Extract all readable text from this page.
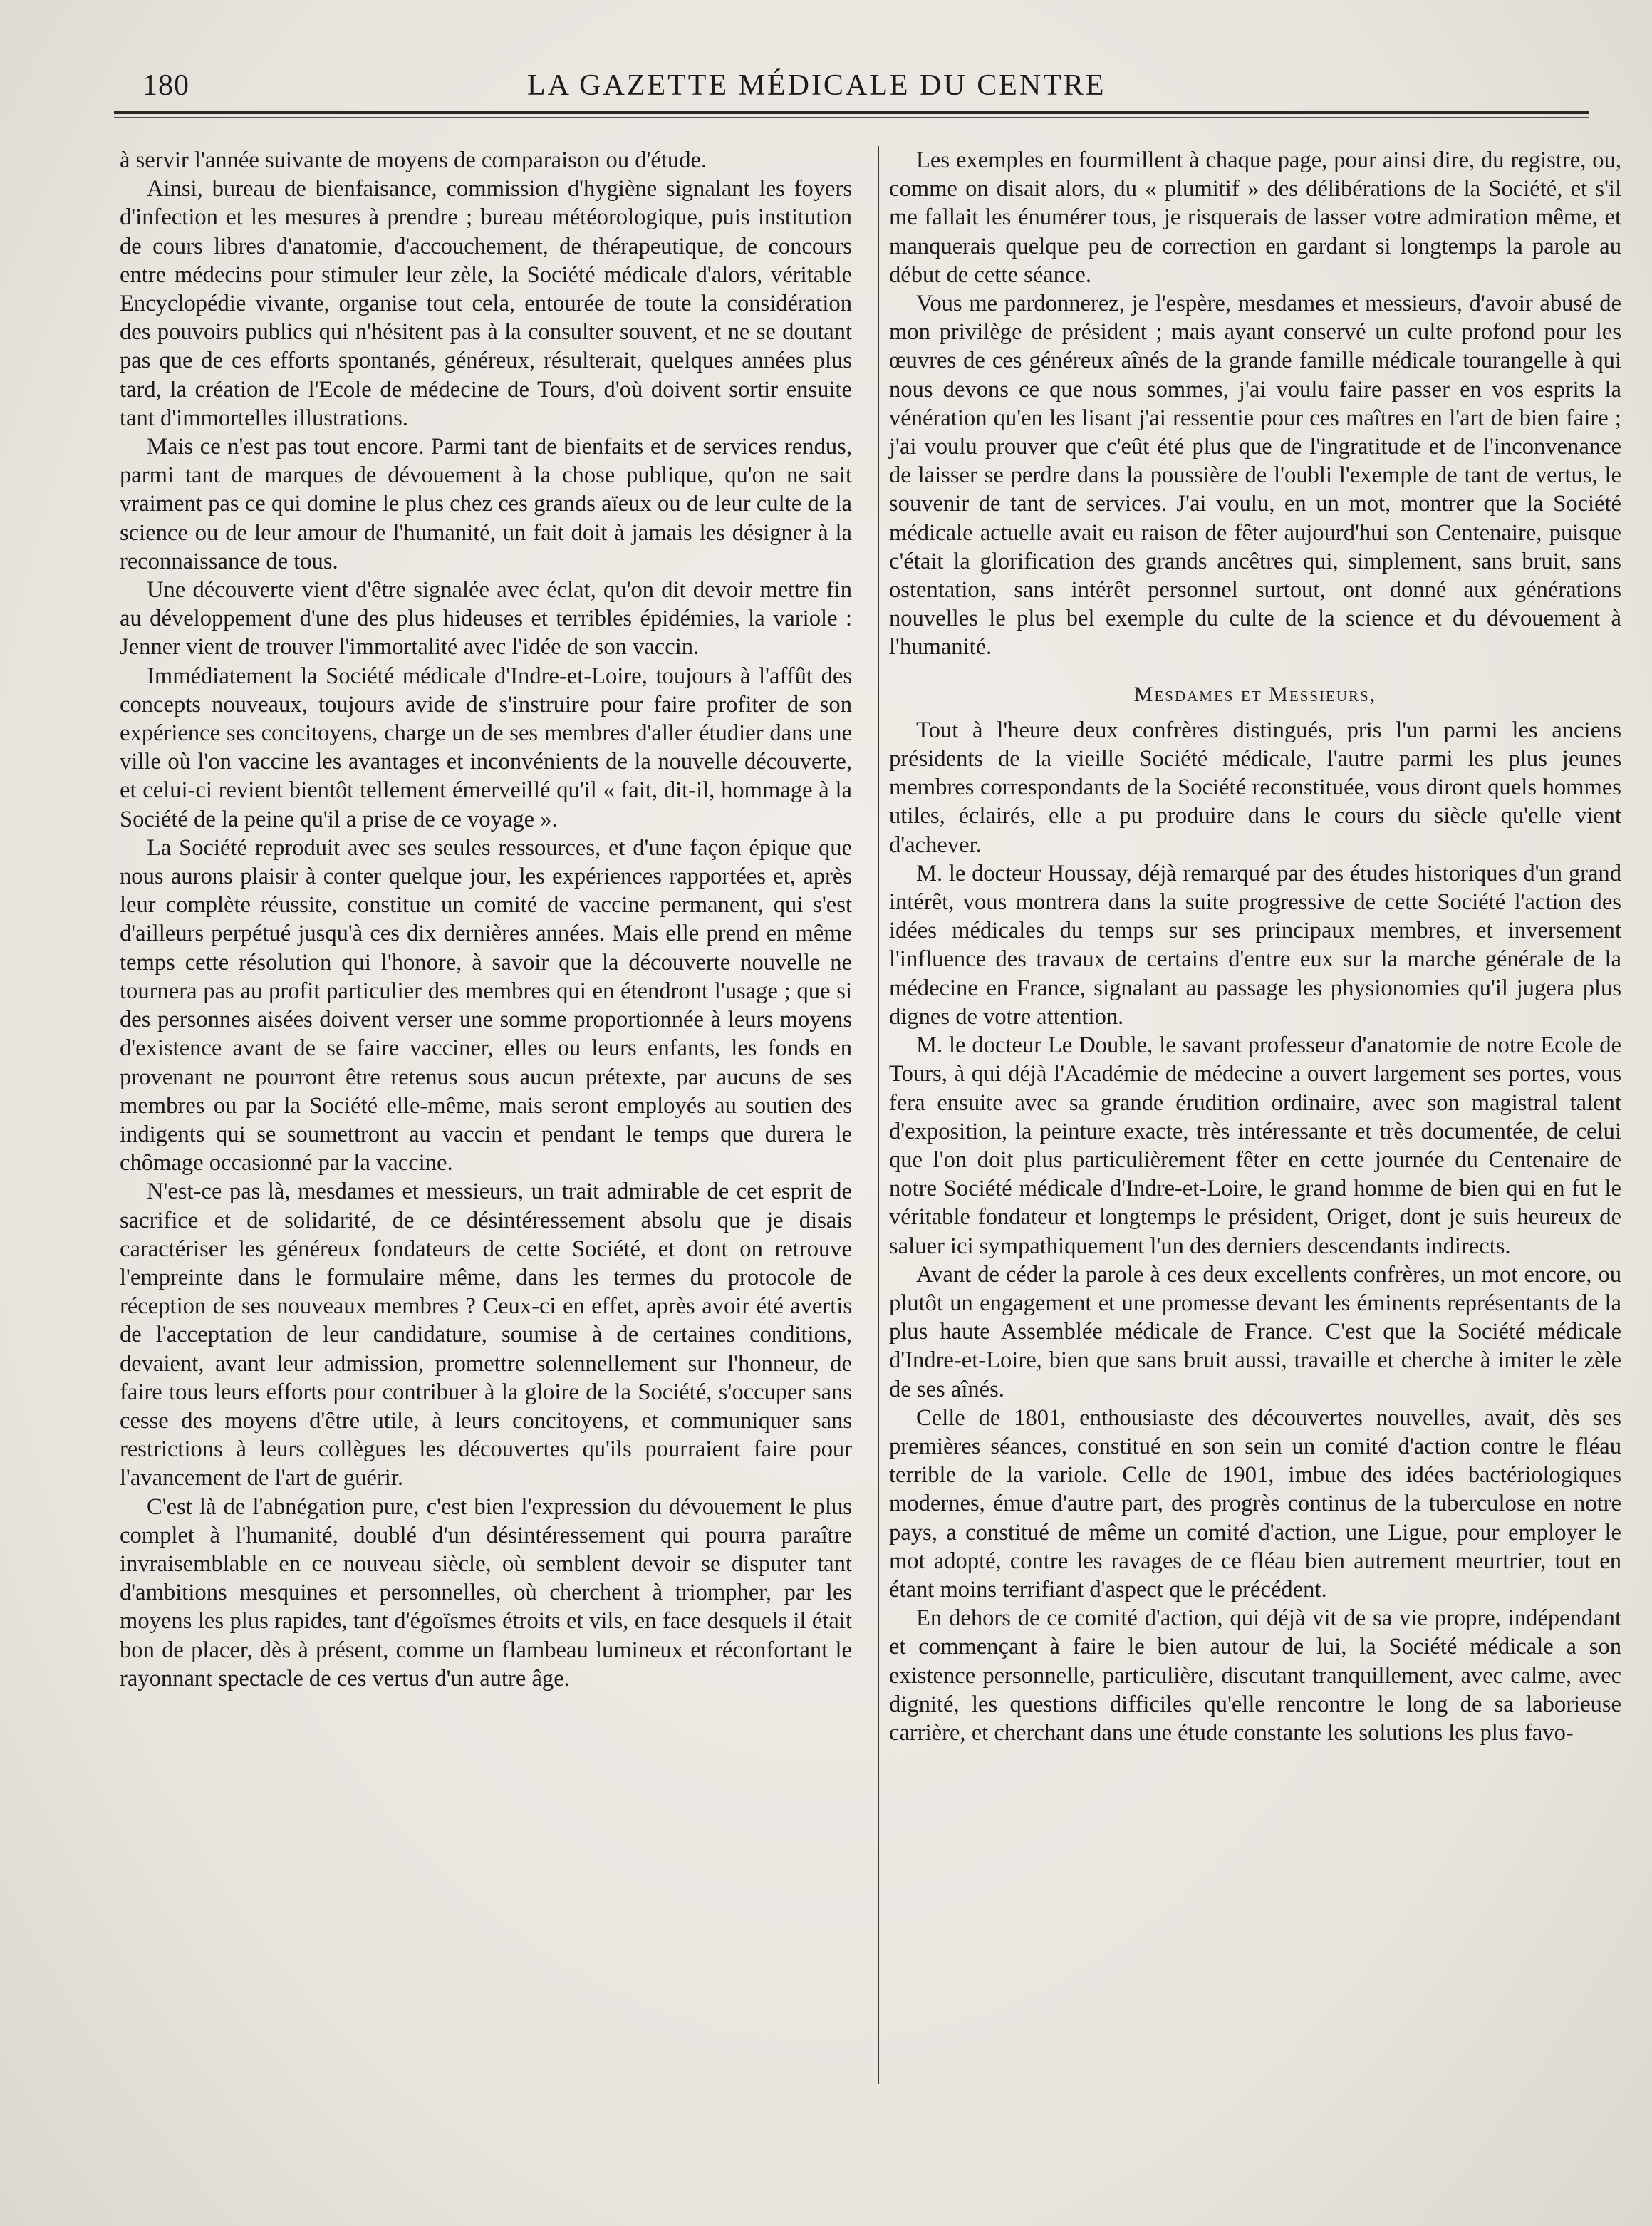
180	LA GAZETTE MÉDICALE DU CENTRE

à servir l'année suivante de moyens de comparaison ou d'étude.

Ainsi, bureau de bienfaisance, commission d'hygiène signalant les foyers d'infection et les mesures à prendre ; bureau météorologique, puis institution de cours libres d'anatomie, d'accouchement, de thérapeutique, de concours entre médecins pour stimuler leur zèle, la Société médicale d'alors, véritable Encyclopédie vivante, organise tout cela, entourée de toute la considération des pouvoirs publics qui n'hésitent pas à la consulter souvent, et ne se doutant pas que de ces efforts spontanés, généreux, résulterait, quelques années plus tard, la création de l'Ecole de médecine de Tours, d'où doivent sortir ensuite tant d'immortelles illustrations.

Mais ce n'est pas tout encore. Parmi tant de bienfaits et de services rendus, parmi tant de marques de dévouement à la chose publique, qu'on ne sait vraiment pas ce qui domine le plus chez ces grands aïeux ou de leur culte de la science ou de leur amour de l'humanité, un fait doit à jamais les désigner à la reconnaissance de tous.

Une découverte vient d'être signalée avec éclat, qu'on dit devoir mettre fin au développement d'une des plus hideuses et terribles épidémies, la variole : Jenner vient de trouver l'immortalité avec l'idée de son vaccin.

Immédiatement la Société médicale d'Indre-et-Loire, toujours à l'affût des concepts nouveaux, toujours avide de s'instruire pour faire profiter de son expérience ses concitoyens, charge un de ses membres d'aller étudier dans une ville où l'on vaccine les avantages et inconvénients de la nouvelle découverte, et celui-ci revient bientôt tellement émerveillé qu'il « fait, dit-il, hommage à la Société de la peine qu'il a prise de ce voyage ».

La Société reproduit avec ses seules ressources, et d'une façon épique que nous aurons plaisir à conter quelque jour, les expériences rapportées et, après leur complète réussite, constitue un comité de vaccine permanent, qui s'est d'ailleurs perpétué jusqu'à ces dix dernières années. Mais elle prend en même temps cette résolution qui l'honore, à savoir que la découverte nouvelle ne tournera pas au profit particulier des membres qui en étendront l'usage ; que si des personnes aisées doivent verser une somme proportionnée à leurs moyens d'existence avant de se faire vacciner, elles ou leurs enfants, les fonds en provenant ne pourront être retenus sous aucun prétexte, par aucuns de ses membres ou par la Société elle-même, mais seront employés au soutien des indigents qui se soumettront au vaccin et pendant le temps que durera le chômage occasionné par la vaccine.

N'est-ce pas là, mesdames et messieurs, un trait admirable de cet esprit de sacrifice et de solidarité, de ce désintéressement absolu que je disais caractériser les généreux fondateurs de cette Société, et dont on retrouve l'empreinte dans le formulaire même, dans les termes du protocole de réception de ses nouveaux membres ? Ceux-ci en effet, après avoir été avertis de l'acceptation de leur candidature, soumise à de certaines conditions, devaient, avant leur admission, promettre solennellement sur l'honneur, de faire tous leurs efforts pour contribuer à la gloire de la Société, s'occuper sans cesse des moyens d'être utile, à leurs concitoyens, et communiquer sans restrictions à leurs collègues les découvertes qu'ils pourraient faire pour l'avancement de l'art de guérir.

C'est là de l'abnégation pure, c'est bien l'expression du dévouement le plus complet à l'humanité, doublé d'un désintéressement qui pourra paraître invraisemblable en ce nouveau siècle, où semblent devoir se disputer tant d'ambitions mesquines et personnelles, où cherchent à triompher, par les moyens les plus rapides, tant d'égoïsmes étroits et vils, en face desquels il était bon de placer, dès à présent, comme un flambeau lumineux et réconfortant le rayonnant spectacle de ces vertus d'un autre âge.

Les exemples en fourmillent à chaque page, pour ainsi dire, du registre, ou, comme on disait alors, du « plumitif » des délibérations de la Société, et s'il me fallait les énumérer tous, je risquerais de lasser votre admiration même, et manquerais quelque peu de correction en gardant si longtemps la parole au début de cette séance.

Vous me pardonnerez, je l'espère, mesdames et messieurs, d'avoir abusé de mon privilège de président ; mais ayant conservé un culte profond pour les œuvres de ces généreux aînés de la grande famille médicale tourangelle à qui nous devons ce que nous sommes, j'ai voulu faire passer en vos esprits la vénération qu'en les lisant j'ai ressentie pour ces maîtres en l'art de bien faire ; j'ai voulu prouver que c'eût été plus que de l'ingratitude et de l'inconvenance de laisser se perdre dans la poussière de l'oubli l'exemple de tant de vertus, le souvenir de tant de services. J'ai voulu, en un mot, montrer que la Société médicale actuelle avait eu raison de fêter aujourd'hui son Centenaire, puisque c'était la glorification des grands ancêtres qui, simplement, sans bruit, sans ostentation, sans intérêt personnel surtout, ont donné aux générations nouvelles le plus bel exemple du culte de la science et du dévouement à l'humanité.

Mesdames et Messieurs,

Tout à l'heure deux confrères distingués, pris l'un parmi les anciens présidents de la vieille Société médicale, l'autre parmi les plus jeunes membres correspondants de la Société reconstituée, vous diront quels hommes utiles, éclairés, elle a pu produire dans le cours du siècle qu'elle vient d'achever.

M. le docteur Houssay, déjà remarqué par des études historiques d'un grand intérêt, vous montrera dans la suite progressive de cette Société l'action des idées médicales du temps sur ses principaux membres, et inversement l'influence des travaux de certains d'entre eux sur la marche générale de la médecine en France, signalant au passage les physionomies qu'il jugera plus dignes de votre attention.

M. le docteur Le Double, le savant professeur d'anatomie de notre Ecole de Tours, à qui déjà l'Académie de médecine a ouvert largement ses portes, vous fera ensuite avec sa grande érudition ordinaire, avec son magistral talent d'exposition, la peinture exacte, très intéressante et très documentée, de celui que l'on doit plus particulièrement fêter en cette journée du Centenaire de notre Société médicale d'Indre-et-Loire, le grand homme de bien qui en fut le véritable fondateur et longtemps le président, Origet, dont je suis heureux de saluer ici sympathiquement l'un des derniers descendants indirects.

Avant de céder la parole à ces deux excellents confrères, un mot encore, ou plutôt un engagement et une promesse devant les éminents représentants de la plus haute Assemblée médicale de France. C'est que la Société médicale d'Indre-et-Loire, bien que sans bruit aussi, travaille et cherche à imiter le zèle de ses aînés.

Celle de 1801, enthousiaste des découvertes nouvelles, avait, dès ses premières séances, constitué en son sein un comité d'action contre le fléau terrible de la variole. Celle de 1901, imbue des idées bactériologiques modernes, émue d'autre part, des progrès continus de la tuberculose en notre pays, a constitué de même un comité d'action, une Ligue, pour employer le mot adopté, contre les ravages de ce fléau bien autrement meurtrier, tout en étant moins terrifiant d'aspect que le précédent.

En dehors de ce comité d'action, qui déjà vit de sa vie propre, indépendant et commençant à faire le bien autour de lui, la Société médicale a son existence personnelle, particulière, discutant tranquillement, avec calme, avec dignité, les questions difficiles qu'elle rencontre le long de sa laborieuse carrière, et cherchant dans une étude constante les solutions les plus favo-
